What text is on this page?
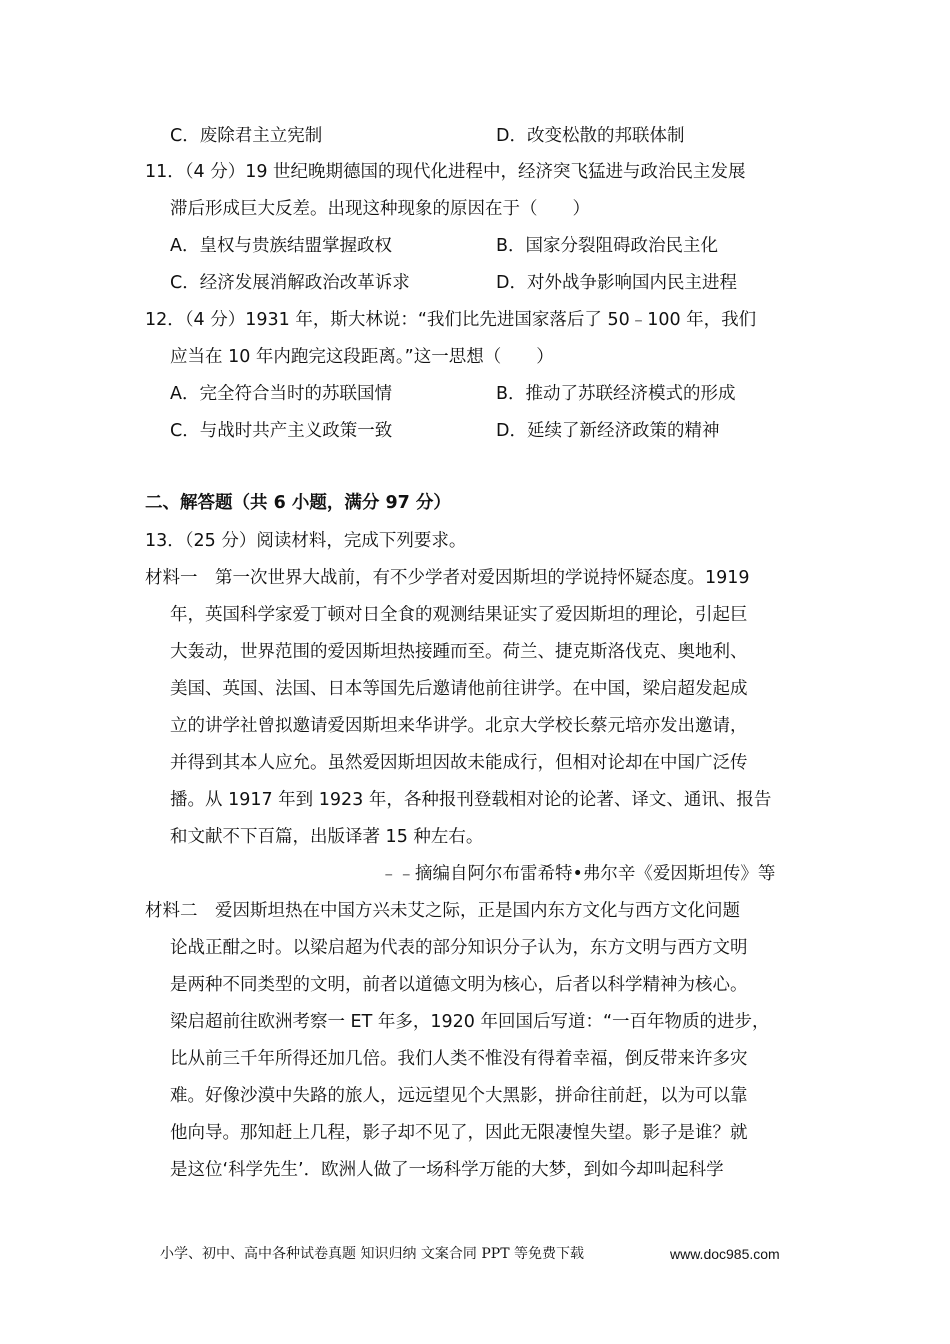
C．废除君主立宪制	D．改变松散的邦联体制
11．（4 分）19 世纪晚期德国的现代化进程中，经济突飞猛进与政治民主发展
滞后形成巨大反差。出现这种现象的原因在于（　　）
A．皇权与贵族结盟掌握政权	B．国家分裂阻碍政治民主化
C．经济发展消解政治改革诉求	D．对外战争影响国内民主进程
12．（4 分）1931 年，斯大林说：“我们比先进国家落后了 50﹣100 年，我们
应当在 10 年内跑完这段距离。”这一思想（　　）
A．完全符合当时的苏联国情	B．推动了苏联经济模式的形成
C．与战时共产主义政策一致	D．延续了新经济政策的精神
二、解答题（共 6 小题，满分 97 分）
13．（25 分）阅读材料，完成下列要求。
材料一　第一次世界大战前，有不少学者对爱因斯坦的学说持怀疑态度。1919
年，英国科学家爱丁顿对日全食的观测结果证实了爱因斯坦的理论，引起巨
大轰动，世界范围的爱因斯坦热接踵而至。荷兰、捷克斯洛伐克、奥地利、
美国、英国、法国、日本等国先后邀请他前往讲学。在中国，梁启超发起成
立的讲学社曾拟邀请爱因斯坦来华讲学。北京大学校长蔡元培亦发出邀请，
并得到其本人应允。虽然爱因斯坦因故未能成行，但相对论却在中国广泛传
播。从 1917 年到 1923 年，各种报刊登载相对论的论著、译文、通讯、报告
和文献不下百篇，出版译著 15 种左右。
﹣﹣摘编自阿尔布雷希特•弗尔辛《爱因斯坦传》等
材料二　爱因斯坦热在中国方兴未艾之际，正是国内东方文化与西方文化问题
论战正酣之时。以梁启超为代表的部分知识分子认为，东方文明与西方文明
是两种不同类型的文明，前者以道德文明为核心，后者以科学精神为核心。
梁启超前往欧洲考察一 ET 年多，1920 年回国后写道：“一百年物质的进步，
比从前三千年所得还加几倍。我们人类不惟没有得着幸福，倒反带来许多灾
难。好像沙漠中失路的旅人，远远望见个大黑影，拼命往前赶，以为可以靠
他向导。那知赶上几程，影子却不见了，因此无限凄惶失望。影子是谁？就
是这位‘科学先生’．欧洲人做了一场科学万能的大梦，到如今却叫起科学
小学、初中、高中各种试卷真题 知识归纳 文案合同 PPT 等免费下载	www.doc985.com
